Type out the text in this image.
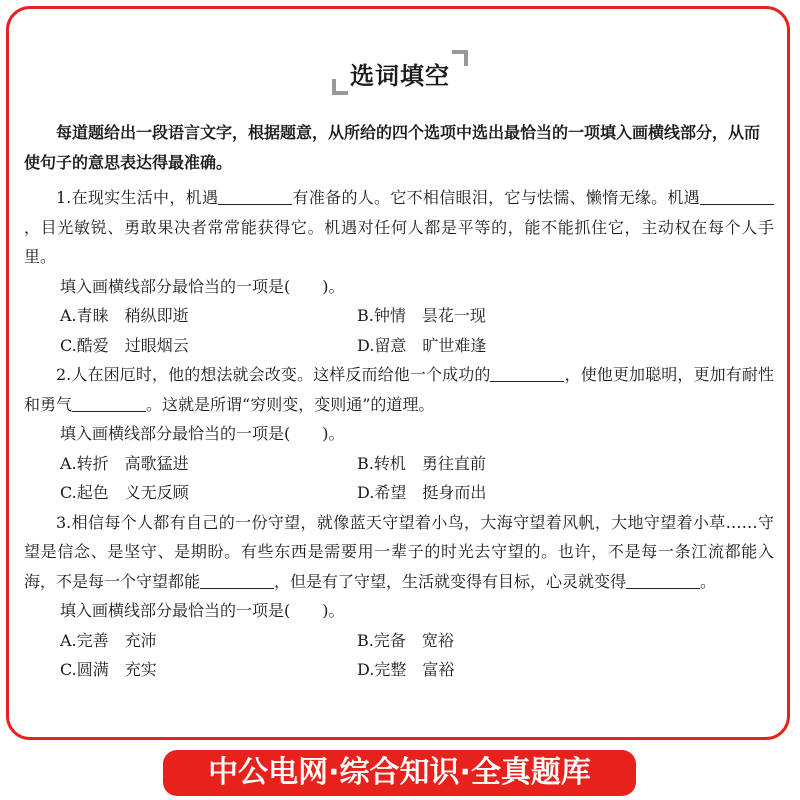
选词填空

每道题给出一段语言文字，根据题意，从所给的四个选项中选出最恰当的一项填入画横线部分，从而使句子的意思表达得最准确。

1.在现实生活中，机遇	有准备的人。它不相信眼泪，它与怯懦、懒惰无缘。机遇，目光敏锐、勇敢果决者常常能获得它。机遇对任何人都是平等的，能不能抓住它，主动权在每个人手里。

填入画横线部分最恰当的一项是(　　)。

A.青睐　稍纵即逝	B.钟情　昙花一现
C.酷爱　过眼烟云	D.留意　旷世难逢

2.人在困厄时，他的想法就会改变。这样反而给他一个成功的	，使他更加聪明，更加有耐性和勇气	。这就是所谓“穷则变，变则通”的道理。

填入画横线部分最恰当的一项是(　　)。

A.转折　高歌猛进	B.转机　勇往直前
C.起色　义无反顾	D.希望　挺身而出

3.相信每个人都有自己的一份守望，就像蓝天守望着小鸟，大海守望着风帆，大地守望着小草……守望是信念、是坚守、是期盼。有些东西是需要用一辈子的时光去守望的。也许，不是每一条江流都能入海，不是每一个守望都能	，但是有了守望，生活就变得有目标，心灵就变得	。

填入画横线部分最恰当的一项是(　　)。

A.完善　充沛	B.完备　宽裕
C.圆满　充实	D.完整　富裕
中公电网·综合知识·全真题库
